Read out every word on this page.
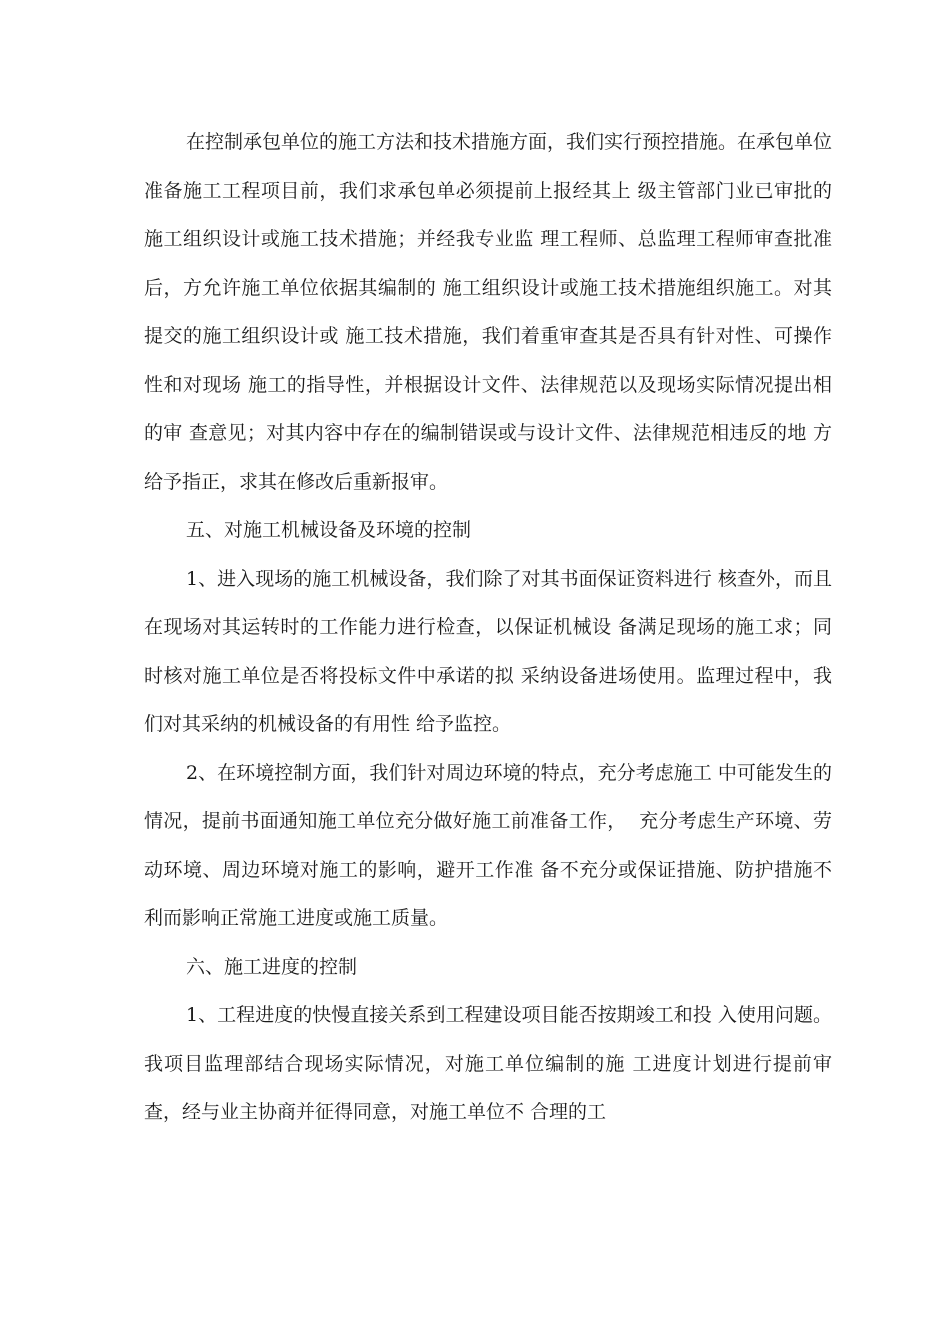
在控制承包单位的施工方法和技术措施方面，我们实行预控措施。在承包单位准备施工工程项目前，我们求承包单必须提前上报经其上 级主管部门业已审批的施工组织设计或施工技术措施；并经我专业监 理工程师、总监理工程师审查批准后，方允许施工单位依据其编制的 施工组织设计或施工技术措施组织施工。对其提交的施工组织设计或 施工技术措施，我们着重审查其是否具有针对性、可操作性和对现场 施工的指导性，并根据设计文件、法律规范以及现场实际情况提出相的审 查意见；对其内容中存在的编制错误或与设计文件、法律规范相违反的地 方给予指正，求其在修改后重新报审。

五、对施工机械设备及环境的控制

1、进入现场的施工机械设备，我们除了对其书面保证资料进行 核查外，而且在现场对其运转时的工作能力进行检查，以保证机械设 备满足现场的施工求；同时核对施工单位是否将投标文件中承诺的拟 采纳设备进场使用。监理过程中，我们对其采纳的机械设备的有用性 给予监控。

2、在环境控制方面，我们针对周边环境的特点，充分考虑施工 中可能发生的情况，提前书面通知施工单位充分做好施工前准备工作，  充分考虑生产环境、劳动环境、周边环境对施工的影响，避开工作准 备不充分或保证措施、防护措施不利而影响正常施工进度或施工质量。

六、施工进度的控制

1、工程进度的快慢直接关系到工程建设项目能否按期竣工和投 入使用问题。我项目监理部结合现场实际情况，对施工单位编制的施 工进度计划进行提前审查，经与业主协商并征得同意，对施工单位不 合理的工
